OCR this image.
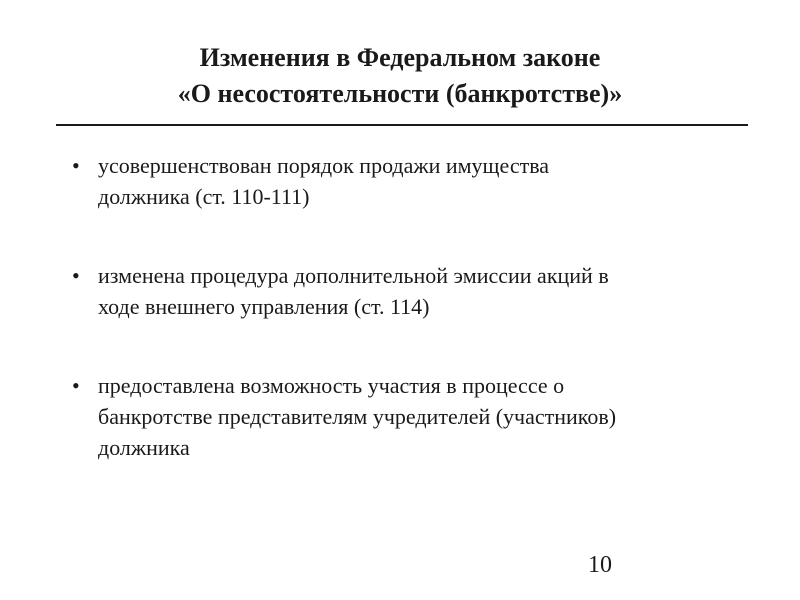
Изменения в Федеральном законе
«О несостоятельности (банкротстве)»
• усовершенствован порядок продажи имущества
должника (ст. 110-111)
• изменена процедура дополнительной эмиссии акций в
ходе внешнего управления (ст. 114)
• предоставлена возможность участия в процессе о
банкротстве представителям учредителей (участников)
должника
10
